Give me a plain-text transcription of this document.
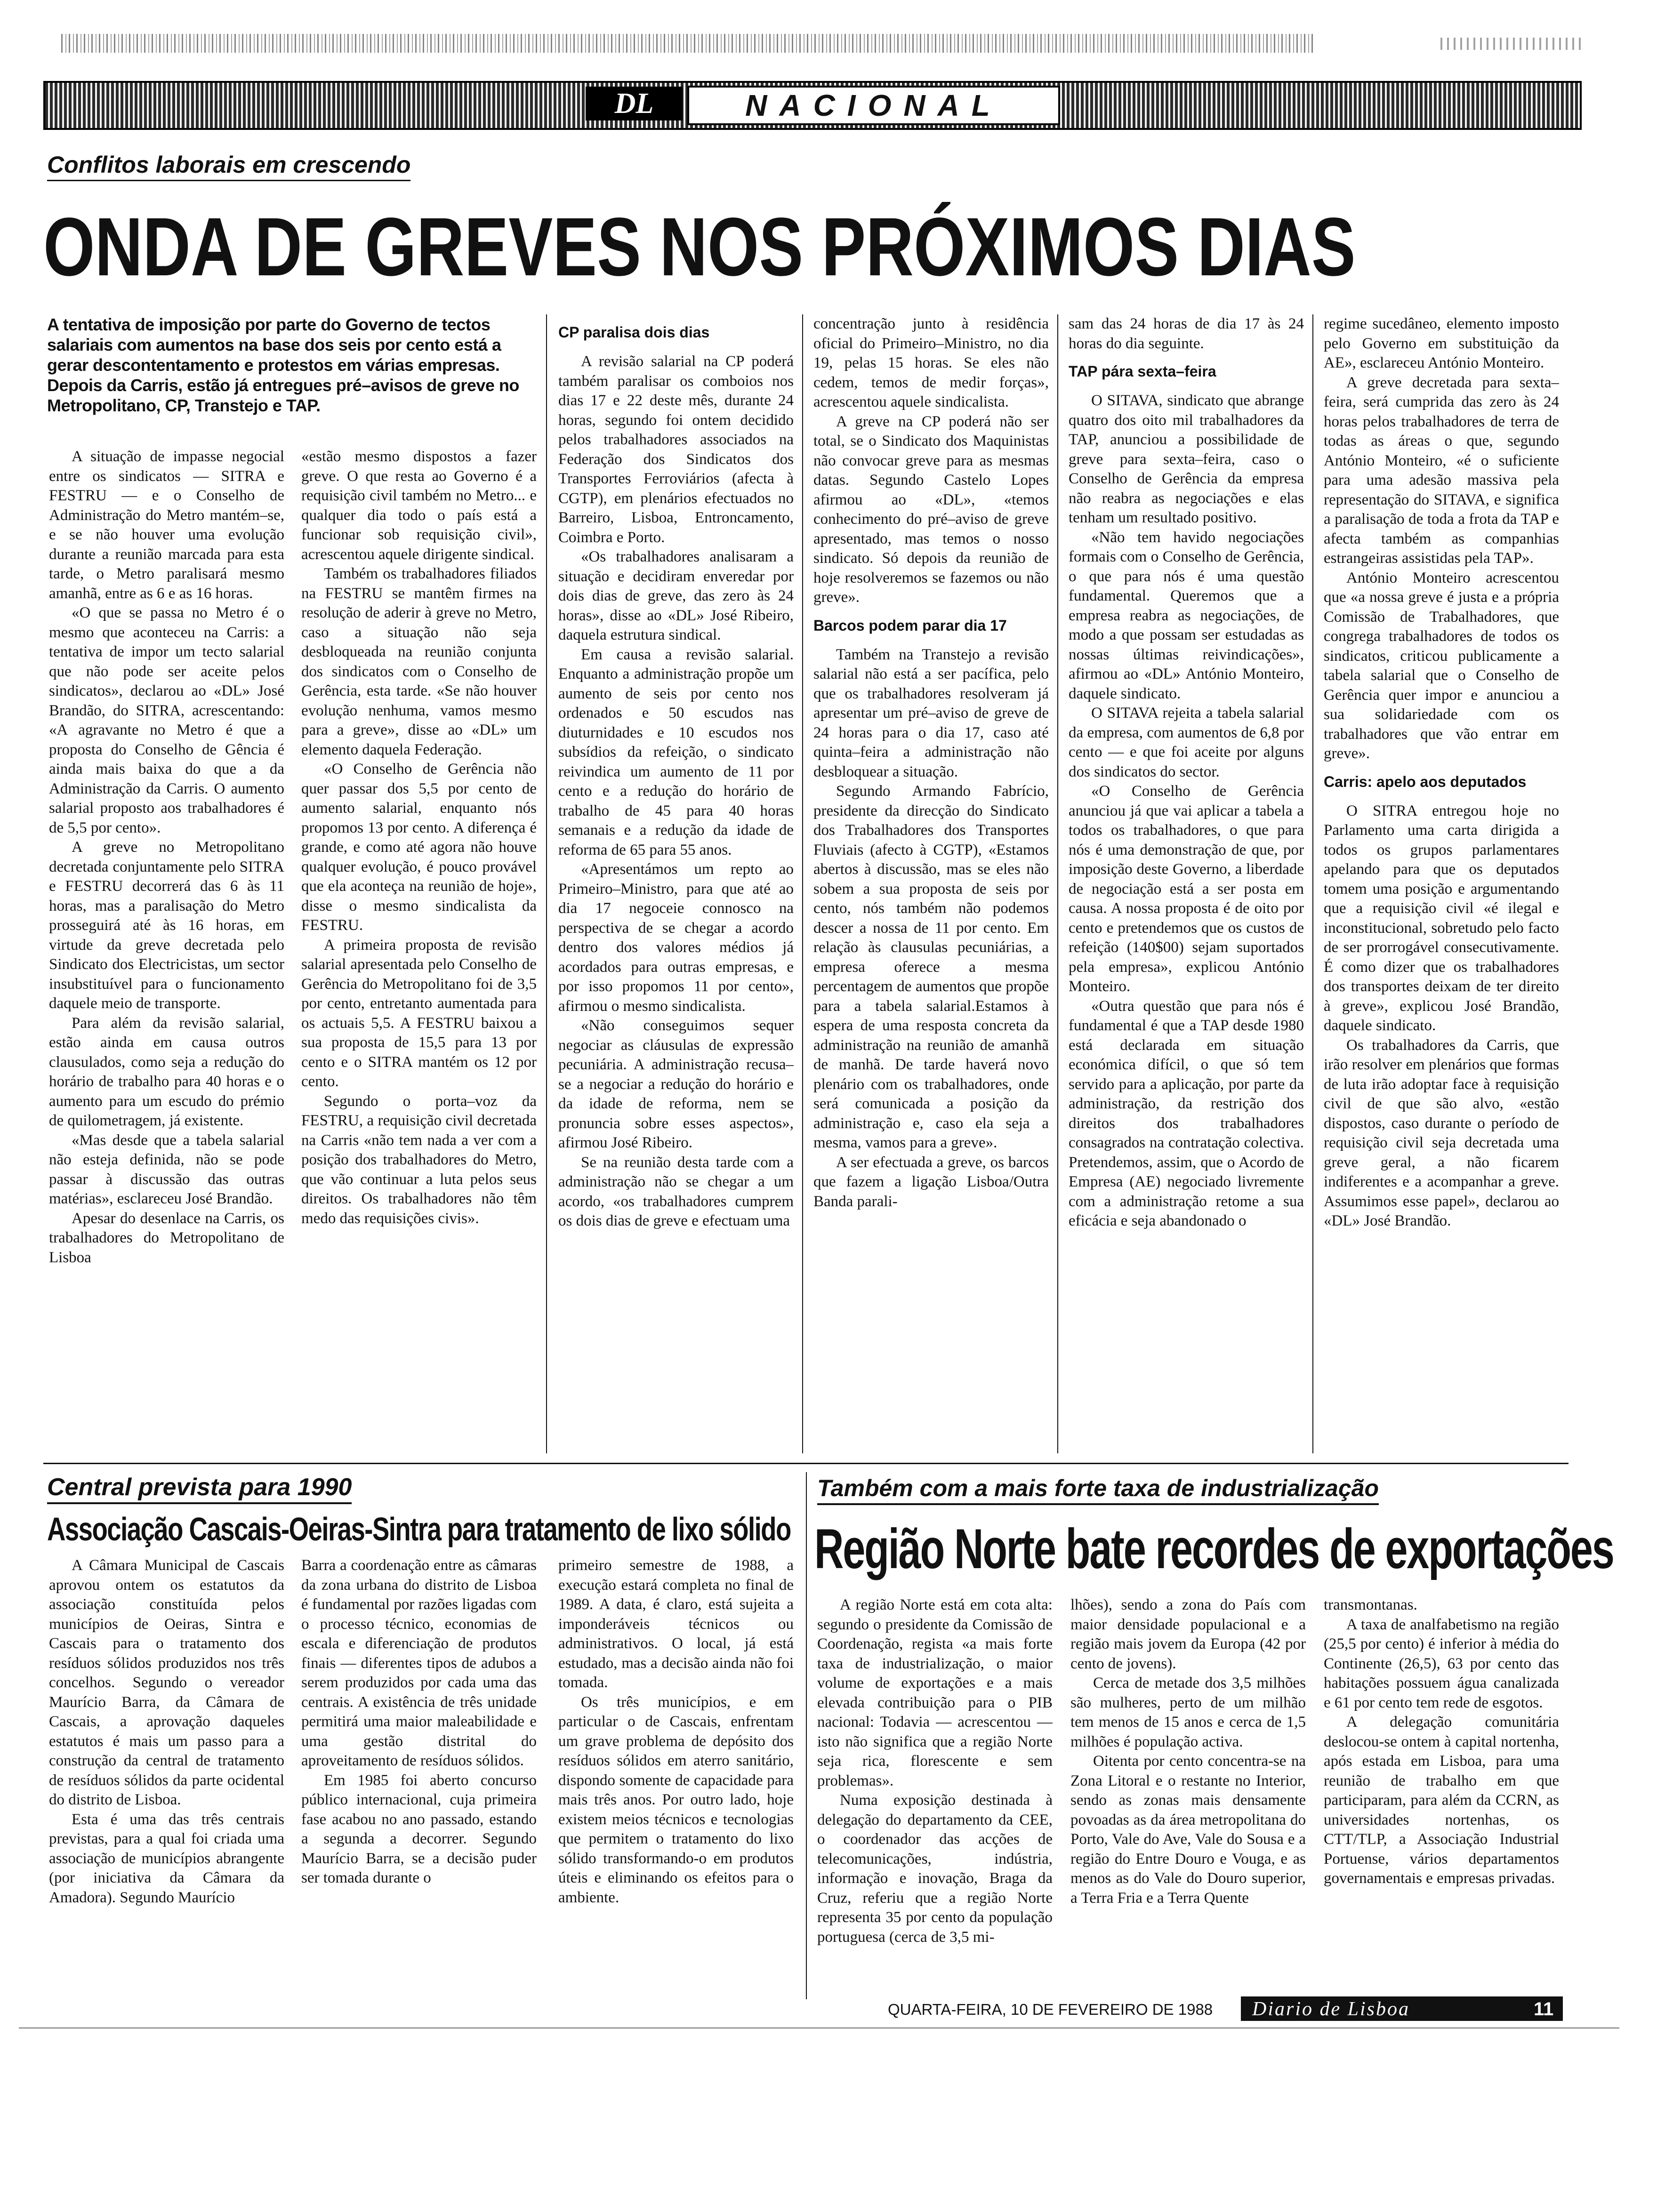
DL	NACIONAL
Conflitos laborais em crescendo
ONDA DE GREVES NOS PRÓXIMOS DIAS

A tentativa de imposição por parte do Governo de tectos salariais com aumentos na base dos seis por cento está a gerar descontentamento e protestos em várias empresas.

Depois da Carris, estão já entregues pré–avisos de greve no Metropolitano, CP, Transtejo e TAP.

A situação de impasse negocial entre os sindicatos — SITRA e FESTRU — e o Conselho de Administração do Metro mantém–se, e se não houver uma evolução durante a reunião marcada para esta tarde, o Metro paralisará mesmo amanhã, entre as 6 e as 16 horas.

«O que se passa no Metro é o mesmo que aconteceu na Carris: a tentativa de impor um tecto salarial que não pode ser aceite pelos sindicatos», declarou ao «DL» José Brandão, do SITRA, acrescentando: «A agravante no Metro é que a proposta do Conselho de Gência é ainda mais baixa do que a da Administração da Carris. O aumento salarial proposto aos trabalhadores é de 5,5 por cento».

A greve no Metropolitano decretada conjuntamente pelo SITRA e FESTRU decorrerá das 6 às 11 horas, mas a paralisação do Metro prosseguirá até às 16 horas, em virtude da greve decretada pelo Sindicato dos Electricistas, um sector insubstituível para o funcionamento daquele meio de transporte.

Para além da revisão salarial, estão ainda em causa outros clausulados, como seja a redução do horário de trabalho para 40 horas e o aumento para um escudo do prémio de quilometragem, já existente.

«Mas desde que a tabela salarial não esteja definida, não se pode passar à discussão das outras matérias», esclareceu José Brandão.

Apesar do desenlace na Carris, os trabalhadores do Metropolitano de Lisboa

«estão mesmo dispostos a fazer greve. O que resta ao Governo é a requisição civil também no Metro... e qualquer dia todo o país está a funcionar sob requisição civil», acrescentou aquele dirigente sindical.

Também os trabalhadores filiados na FESTRU se mantêm firmes na resolução de aderir à greve no Metro, caso a situação não seja desbloqueada na reunião conjunta dos sindicatos com o Conselho de Gerência, esta tarde. «Se não houver evolução nenhuma, vamos mesmo para a greve», disse ao «DL» um elemento daquela Federação.

«O Conselho de Gerência não quer passar dos 5,5 por cento de aumento salarial, enquanto nós propomos 13 por cento. A diferença é grande, e como até agora não houve qualquer evolução, é pouco provável que ela aconteça na reunião de hoje», disse o mesmo sindicalista da FESTRU.

A primeira proposta de revisão salarial apresentada pelo Conselho de Gerência do Metropolitano foi de 3,5 por cento, entretanto aumentada para os actuais 5,5. A FESTRU baixou a sua proposta de 15,5 para 13 por cento e o SITRA mantém os 12 por cento.

Segundo o porta–voz da FESTRU, a requisição civil decretada na Carris «não tem nada a ver com a posição dos trabalhadores do Metro, que vão continuar a luta pelos seus direitos. Os trabalhadores não têm medo das requisições civis».

CP paralisa dois dias

A revisão salarial na CP poderá também paralisar os comboios nos dias 17 e 22 deste mês, durante 24 horas, segundo foi ontem decidido pelos trabalhadores associados na Federação dos Sindicatos dos Transportes Ferroviários (afecta à CGTP), em plenários efectuados no Barreiro, Lisboa, Entroncamento, Coimbra e Porto.

«Os trabalhadores analisaram a situação e decidiram enveredar por dois dias de greve, das zero às 24 horas», disse ao «DL» José Ribeiro, daquela estrutura sindical.

Em causa a revisão salarial. Enquanto a administração propõe um aumento de seis por cento nos ordenados e 50 escudos nas diuturnidades e 10 escudos nos subsídios da refeição, o sindicato reivindica um aumento de 11 por cento e a redução do horário de trabalho de 45 para 40 horas semanais e a redução da idade de reforma de 65 para 55 anos.

«Apresentámos um repto ao Primeiro–Ministro, para que até ao dia 17 negoceie connosco na perspectiva de se chegar a acordo dentro dos valores médios já acordados para outras empresas, e por isso propomos 11 por cento», afirmou o mesmo sindicalista.

«Não conseguimos sequer negociar as cláusulas de expressão pecuniária. A administração recusa–se a negociar a redução do horário e da idade de reforma, nem se pronuncia sobre esses aspectos», afirmou José Ribeiro.

Se na reunião desta tarde com a administração não se chegar a um acordo, «os trabalhadores cumprem os dois dias de greve e efectuam uma

concentração junto à residência oficial do Primeiro–Ministro, no dia 19, pelas 15 horas. Se eles não cedem, temos de medir forças», acrescentou aquele sindicalista.

A greve na CP poderá não ser total, se o Sindicato dos Maquinistas não convocar greve para as mesmas datas. Segundo Castelo Lopes afirmou ao «DL», «temos conhecimento do pré–aviso de greve apresentado, mas temos o nosso sindicato. Só depois da reunião de hoje resolveremos se fazemos ou não greve».

Barcos podem parar dia 17

Também na Transtejo a revisão salarial não está a ser pacífica, pelo que os trabalhadores resolveram já apresentar um pré–aviso de greve de 24 horas para o dia 17, caso até quinta–feira a administração não desbloquear a situação.

Segundo Armando Fabrício, presidente da direcção do Sindicato dos Trabalhadores dos Transportes Fluviais (afecto à CGTP), «Estamos abertos à discussão, mas se eles não sobem a sua proposta de seis por cento, nós também não podemos descer a nossa de 11 por cento. Em relação às clausulas pecuniárias, a empresa oferece a mesma percentagem de aumentos que propõe para a tabela salarial.Estamos à espera de uma resposta concreta da administração na reunião de amanhã de manhã. De tarde haverá novo plenário com os trabalhadores, onde será comunicada a posição da administração e, caso ela seja a mesma, vamos para a greve».

A ser efectuada a greve, os barcos que fazem a ligação Lisboa/Outra Banda parali-

sam das 24 horas de dia 17 às 24 horas do dia seguinte.

TAP pára sexta–feira

O SITAVA, sindicato que abrange quatro dos oito mil trabalhadores da TAP, anunciou a possibilidade de greve para sexta–feira, caso o Conselho de Gerência da empresa não reabra as negociações e elas tenham um resultado positivo.

«Não tem havido negociações formais com o Conselho de Gerência, o que para nós é uma questão fundamental. Queremos que a empresa reabra as negociações, de modo a que possam ser estudadas as nossas últimas reivindicações», afirmou ao «DL» António Monteiro, daquele sindicato.

O SITAVA rejeita a tabela salarial da empresa, com aumentos de 6,8 por cento — e que foi aceite por alguns dos sindicatos do sector.

«O Conselho de Gerência anunciou já que vai aplicar a tabela a todos os trabalhadores, o que para nós é uma demonstração de que, por imposição deste Governo, a liberdade de negociação está a ser posta em causa. A nossa proposta é de oito por cento e pretendemos que os custos de refeição (140$00) sejam suportados pela empresa», explicou António Monteiro.

«Outra questão que para nós é fundamental é que a TAP desde 1980 está declarada em situação económica difícil, o que só tem servido para a aplicação, por parte da administração, da restrição dos direitos dos trabalhadores consagrados na contratação colectiva. Pretendemos, assim, que o Acordo de Empresa (AE) negociado livremente com a administração retome a sua eficácia e seja abandonado o

regime sucedâneo, elemento imposto pelo Governo em substituição da AE», esclareceu António Monteiro.

A greve decretada para sexta–feira, será cumprida das zero às 24 horas pelos trabalhadores de terra de todas as áreas o que, segundo António Monteiro, «é o suficiente para uma adesão massiva pela representação do SITAVA, e significa a paralisação de toda a frota da TAP e afecta também as companhias estrangeiras assistidas pela TAP».

António Monteiro acrescentou que «a nossa greve é justa e a própria Comissão de Trabalhadores, que congrega trabalhadores de todos os sindicatos, criticou publicamente a tabela salarial que o Conselho de Gerência quer impor e anunciou a sua solidariedade com os trabalhadores que vão entrar em greve».

Carris: apelo aos deputados

O SITRA entregou hoje no Parlamento uma carta dirigida a todos os grupos parlamentares apelando para que os deputados tomem uma posição e argumentando que a requisição civil «é ilegal e inconstitucional, sobretudo pelo facto de ser prorrogável consecutivamente. É como dizer que os trabalhadores dos transportes deixam de ter direito à greve», explicou José Brandão, daquele sindicato.

Os trabalhadores da Carris, que irão resolver em plenários que formas de luta irão adoptar face à requisição civil de que são alvo, «estão dispostos, caso durante o período de requisição civil seja decretada uma greve geral, a não ficarem indiferentes e a acompanhar a greve. Assumimos esse papel», declarou ao «DL» José Brandão.

Central prevista para 1990
Associação Cascais-Oeiras-Sintra para tratamento de lixo sólido

A Câmara Municipal de Cascais aprovou ontem os estatutos da associação constituída pelos municípios de Oeiras, Sintra e Cascais para o tratamento dos resíduos sólidos produzidos nos três concelhos. Segundo o vereador Maurício Barra, da Câmara de Cascais, a aprovação daqueles estatutos é mais um passo para a construção da central de tratamento de resíduos sólidos da parte ocidental do distrito de Lisboa.

Esta é uma das três centrais previstas, para a qual foi criada uma associação de municípios abrangente (por iniciativa da Câmara da Amadora). Segundo Maurício

Barra a coordenação entre as câmaras da zona urbana do distrito de Lisboa é fundamental por razões ligadas com o processo técnico, economias de escala e diferenciação de produtos finais — diferentes tipos de adubos a serem produzidos por cada uma das centrais. A existência de três unidade permitirá uma maior maleabilidade e uma gestão distrital do aproveitamento de resíduos sólidos.

Em 1985 foi aberto concurso público internacional, cuja primeira fase acabou no ano passado, estando a segunda a decorrer. Segundo Maurício Barra, se a decisão puder ser tomada durante o

primeiro semestre de 1988, a execução estará completa no final de 1989. A data, é claro, está sujeita a imponderáveis técnicos ou administrativos. O local, já está estudado, mas a decisão ainda não foi tomada.

Os três municípios, e em particular o de Cascais, enfrentam um grave problema de depósito dos resíduos sólidos em aterro sanitário, dispondo somente de capacidade para mais três anos. Por outro lado, hoje existem meios técnicos e tecnologias que permitem o tratamento do lixo sólido transformando-o em produtos úteis e eliminando os efeitos para o ambiente.

Também com a mais forte taxa de industrialização
Região Norte bate recordes de exportações

A região Norte está em cota alta: segundo o presidente da Comissão de Coordenação, regista «a mais forte taxa de industrialização, o maior volume de exportações e a mais elevada contribuição para o PIB nacional: Todavia — acrescentou — isto não significa que a região Norte seja rica, florescente e sem problemas».

Numa exposição destinada à delegação do departamento da CEE, o coordenador das acções de telecomunicações, indústria, informação e inovação, Braga da Cruz, referiu que a região Norte representa 35 por cento da população portuguesa (cerca de 3,5 mi-

lhões), sendo a zona do País com maior densidade populacional e a região mais jovem da Europa (42 por cento de jovens).

Cerca de metade dos 3,5 milhões são mulheres, perto de um milhão tem menos de 15 anos e cerca de 1,5 milhões é população activa.

Oitenta por cento concentra-se na Zona Litoral e o restante no Interior, sendo as zonas mais densamente povoadas as da área metropolitana do Porto, Vale do Ave, Vale do Sousa e a região do Entre Douro e Vouga, e as menos as do Vale do Douro superior, a Terra Fria e a Terra Quente

transmontanas.

A taxa de analfabetismo na região (25,5 por cento) é inferior à média do Continente (26,5), 63 por cento das habitações possuem água canalizada e 61 por cento tem rede de esgotos.

A delegação comunitária deslocou-se ontem à capital nortenha, após estada em Lisboa, para uma reunião de trabalho em que participaram, para além da CCRN, as universidades nortenhas, os CTT/TLP, a Associação Industrial Portuense, vários departamentos governamentais e empresas privadas.

QUARTA-FEIRA, 10 DE FEVEREIRO DE 1988 Diario de Lisboa	11
